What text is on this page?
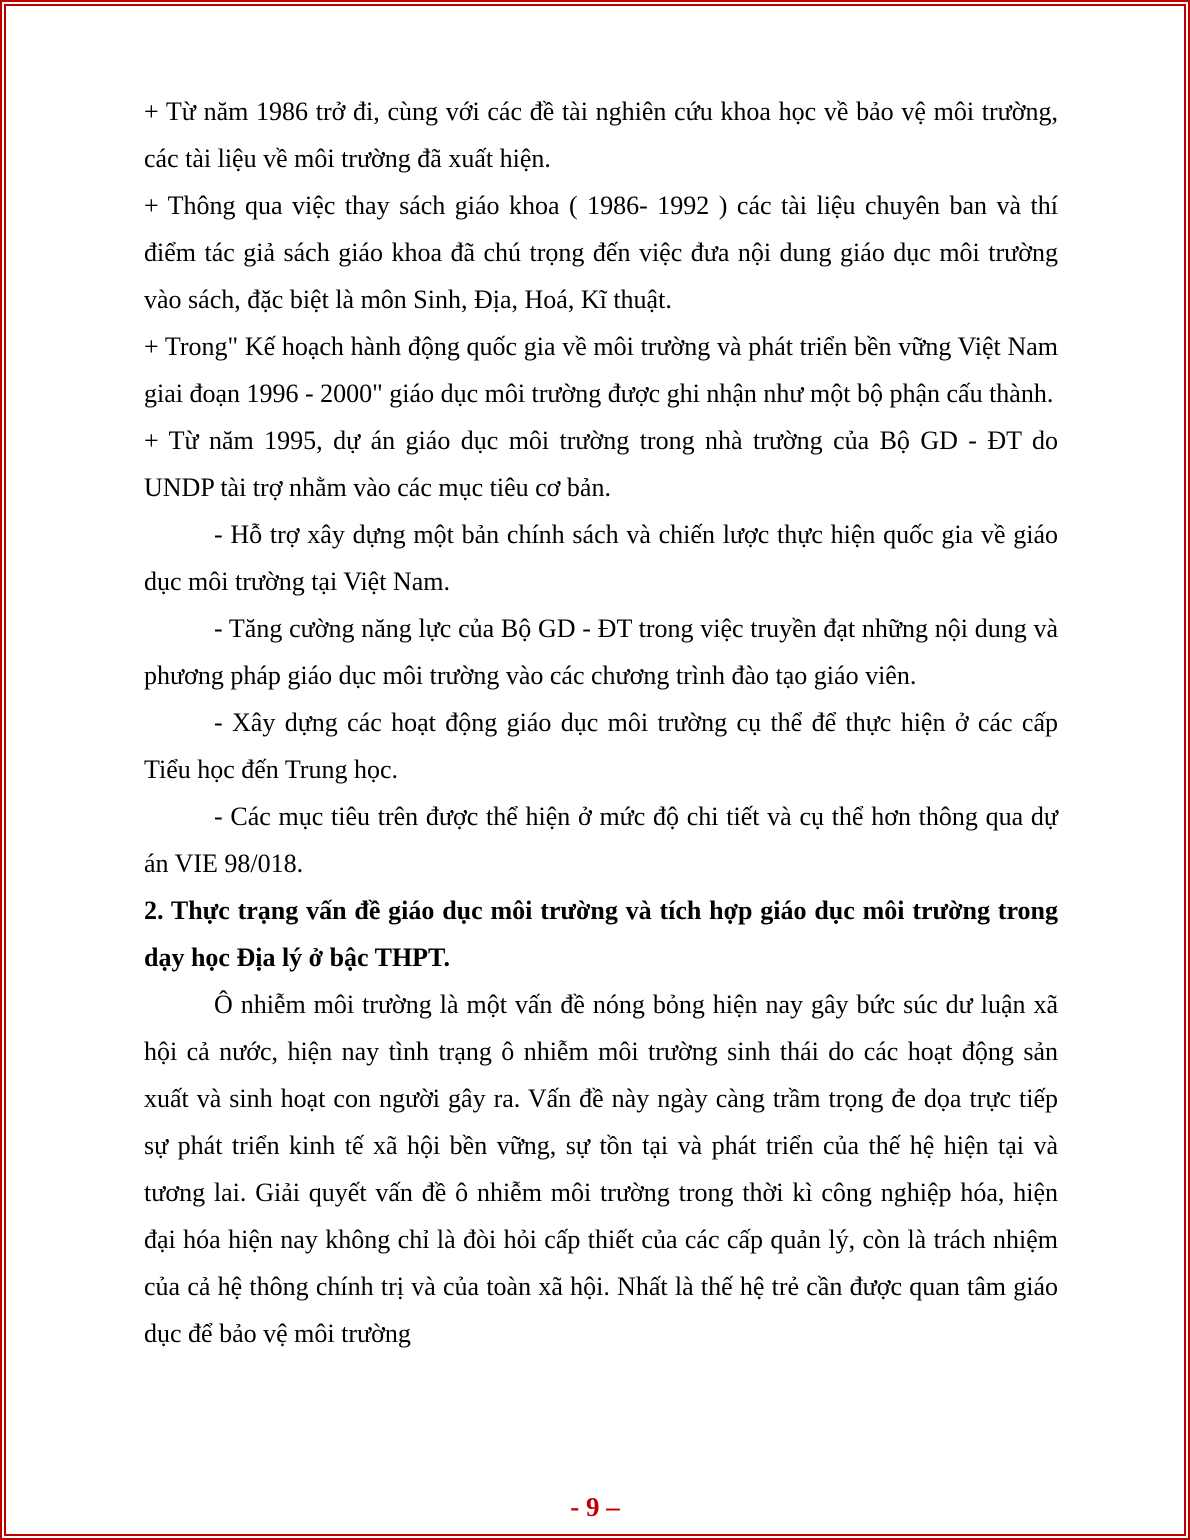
+ Từ năm 1986 trở đi, cùng với các đề tài nghiên cứu khoa học về bảo vệ môi trường, các tài liệu về môi trường đã xuất hiện.

+ Thông qua việc thay sách giáo khoa ( 1986- 1992 ) các tài liệu chuyên ban và thí điểm tác giả sách giáo khoa đã chú trọng đến việc đưa nội dung giáo dục môi trường vào sách, đặc biệt là môn Sinh, Địa, Hoá, Kĩ thuật.

+ Trong" Kế hoạch hành động quốc gia về môi trường và phát triển bền vững Việt Nam giai đoạn 1996 - 2000" giáo dục môi trường được ghi nhận như một bộ phận cấu thành.

+ Từ năm 1995, dự án giáo dục môi trường trong nhà trường của Bộ GD - ĐT do UNDP tài trợ nhằm vào các mục tiêu cơ bản.

- Hỗ trợ xây dựng một bản chính sách và chiến lược thực hiện quốc gia về giáo dục môi trường tại Việt Nam.

- Tăng cường năng lực của Bộ GD - ĐT trong việc truyền đạt những nội dung và phương pháp giáo dục môi trường vào các chương trình đào tạo giáo viên.

- Xây dựng các hoạt động giáo dục môi trường cụ thể để thực hiện ở các cấp Tiểu học đến Trung học.

- Các mục tiêu trên được thể hiện ở mức độ chi tiết và cụ thể hơn thông qua dự án VIE 98/018.

2. Thực trạng vấn đề giáo dục môi trường và tích hợp giáo dục môi trường trong dạy học Địa lý ở bậc THPT.

Ô nhiễm môi trường là một vấn đề nóng bỏng hiện nay gây bức súc dư luận xã hội cả nước, hiện nay tình trạng ô nhiễm môi trường sinh thái do các hoạt động sản xuất và sinh hoạt con người gây ra. Vấn đề này ngày càng trầm trọng đe dọa trực tiếp sự phát triển kinh tế xã hội bền vững, sự tồn tại và phát triển của thế hệ hiện tại và tương lai. Giải quyết vấn đề ô nhiễm môi trường trong thời kì công nghiệp hóa, hiện đại hóa hiện nay không chỉ là đòi hỏi cấp thiết của các cấp quản lý, còn là trách nhiệm của cả hệ thông chính trị và của toàn xã hội. Nhất là thế hệ trẻ cần được quan tâm giáo dục để bảo vệ môi trường

- 9 –
